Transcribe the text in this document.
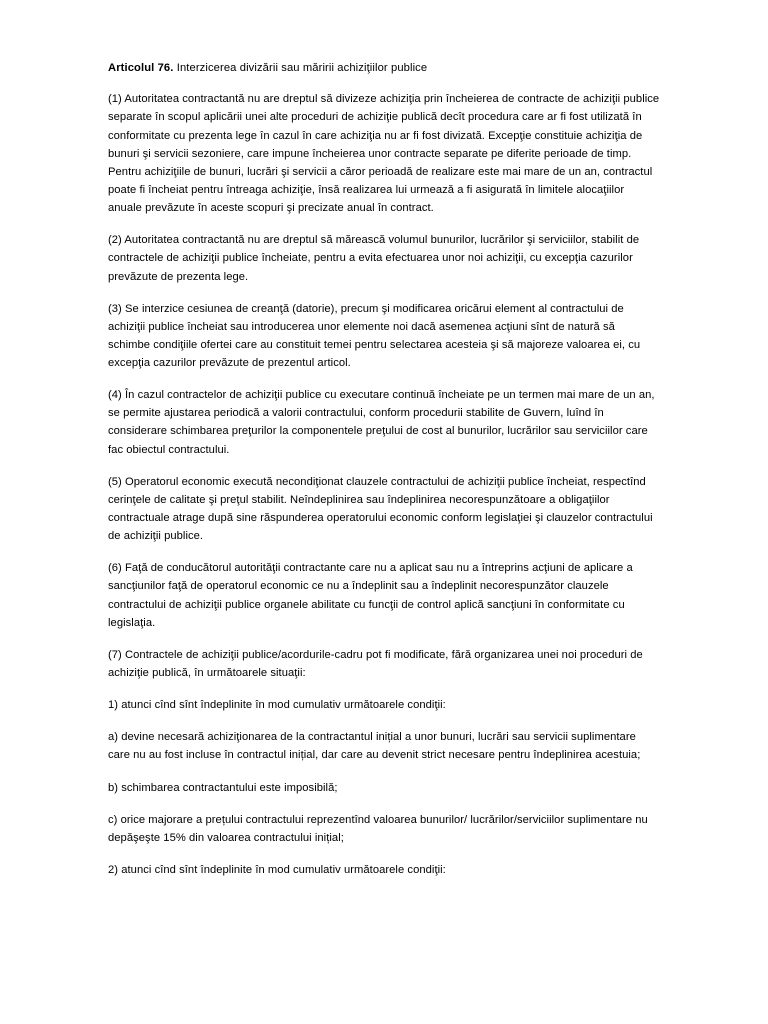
Articolul 76. Interzicerea divizării sau măririi achiziţiilor publice

(1) Autoritatea contractantă nu are dreptul să divizeze achiziţia prin încheierea de contracte de achiziţii publice separate în scopul aplicării unei alte proceduri de achiziţie publică decît procedura care ar fi fost utilizată în conformitate cu prezenta lege în cazul în care achiziţia nu ar fi fost divizată. Excepţie constituie achiziţia de bunuri şi servicii sezoniere, care impune încheierea unor contracte separate pe diferite perioade de timp. Pentru achiziţiile de bunuri, lucrări şi servicii a căror perioadă de realizare este mai mare de un an, contractul poate fi încheiat pentru întreaga achiziţie, însă realizarea lui urmează a fi asigurată în limitele alocaţiilor anuale prevăzute în aceste scopuri şi precizate anual în contract.

(2) Autoritatea contractantă nu are dreptul să mărească volumul bunurilor, lucrărilor şi serviciilor, stabilit de contractele de achiziţii publice încheiate, pentru a evita efectuarea unor noi achiziţii, cu excepţia cazurilor prevăzute de prezenta lege.

(3) Se interzice cesiunea de creanţă (datorie), precum şi modificarea oricărui element al contractului de achiziţii publice încheiat sau introducerea unor elemente noi dacă asemenea acţiuni sînt de natură să schimbe condiţiile ofertei care au constituit temei pentru selectarea acesteia şi să majoreze valoarea ei, cu excepţia cazurilor prevăzute de prezentul articol.

(4) În cazul contractelor de achiziţii publice cu executare continuă încheiate pe un termen mai mare de un an, se permite ajustarea periodică a valorii contractului, conform procedurii stabilite de Guvern, luînd în considerare schimbarea preţurilor la componentele preţului de cost al bunurilor, lucrărilor sau serviciilor care fac obiectul contractului.

(5) Operatorul economic execută necondiţionat clauzele contractului de achiziţii publice încheiat, respectînd cerinţele de calitate şi preţul stabilit. Neîndeplinirea sau îndeplinirea necorespunzătoare a obligaţiilor contractuale atrage după sine răspunderea operatorului economic conform legislaţiei şi clauzelor contractului de achiziţii publice.

(6) Faţă de conducătorul autorităţii contractante care nu a aplicat sau nu a întreprins acţiuni de aplicare a sancţiunilor faţă de operatorul economic ce nu a îndeplinit sau a îndeplinit necorespunzător clauzele contractului de achiziţii publice organele abilitate cu funcţii de control aplică sancţiuni în conformitate cu legislaţia.

(7) Contractele de achiziţii publice/acordurile-cadru pot fi modificate, fără organizarea unei noi proceduri de achiziţie publică, în următoarele situaţii:

1) atunci cînd sînt îndeplinite în mod cumulativ următoarele condiţii:

a) devine necesară achiziţionarea de la contractantul inițial a unor bunuri, lucrări sau servicii suplimentare care nu au fost incluse în contractul inițial, dar care au devenit strict necesare pentru îndeplinirea acestuia;

b) schimbarea contractantului este imposibilă;

c) orice majorare a prețului contractului reprezentînd valoarea bunurilor/ lucrărilor/serviciilor suplimentare nu depăşeşte 15% din valoarea contractului inițial;

2) atunci cînd sînt îndeplinite în mod cumulativ următoarele condiţii:
